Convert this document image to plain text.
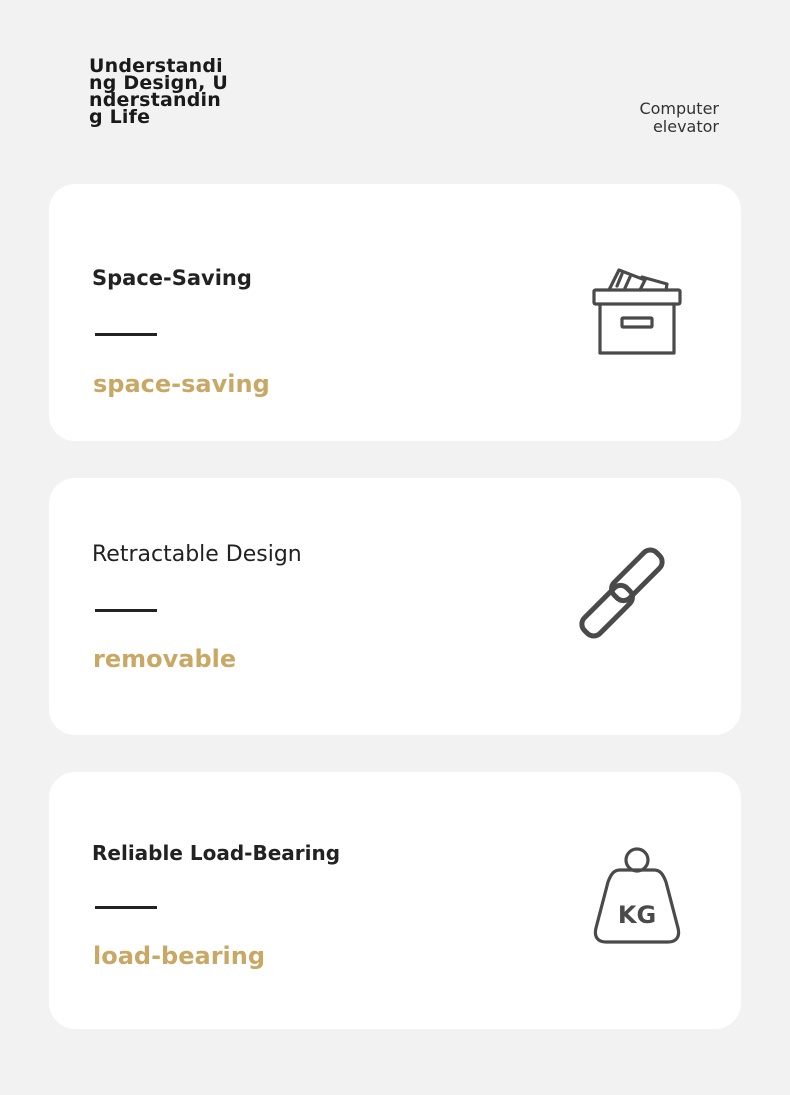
Understanding Design, Understanding Life	Computer elevator
Space-Saving
space-saving
Retractable Design
removable
Reliable Load-Bearing
load-bearing
KG
